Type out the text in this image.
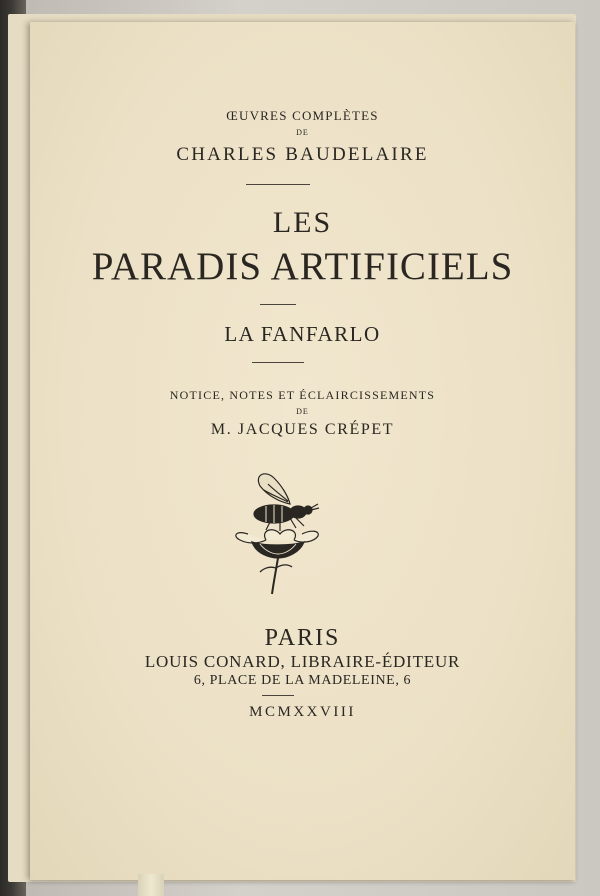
ŒUVRES COMPLÈTES
DE
CHARLES BAUDELAIRE
LES
PARADIS ARTIFICIELS
LA FANFARLO
NOTICE, NOTES ET ÉCLAIRCISSEMENTS
DE
M. JACQUES CRÉPET
PARIS
LOUIS CONARD, LIBRAIRE-ÉDITEUR
6, PLACE DE LA MADELEINE, 6
MCMXXVIII
